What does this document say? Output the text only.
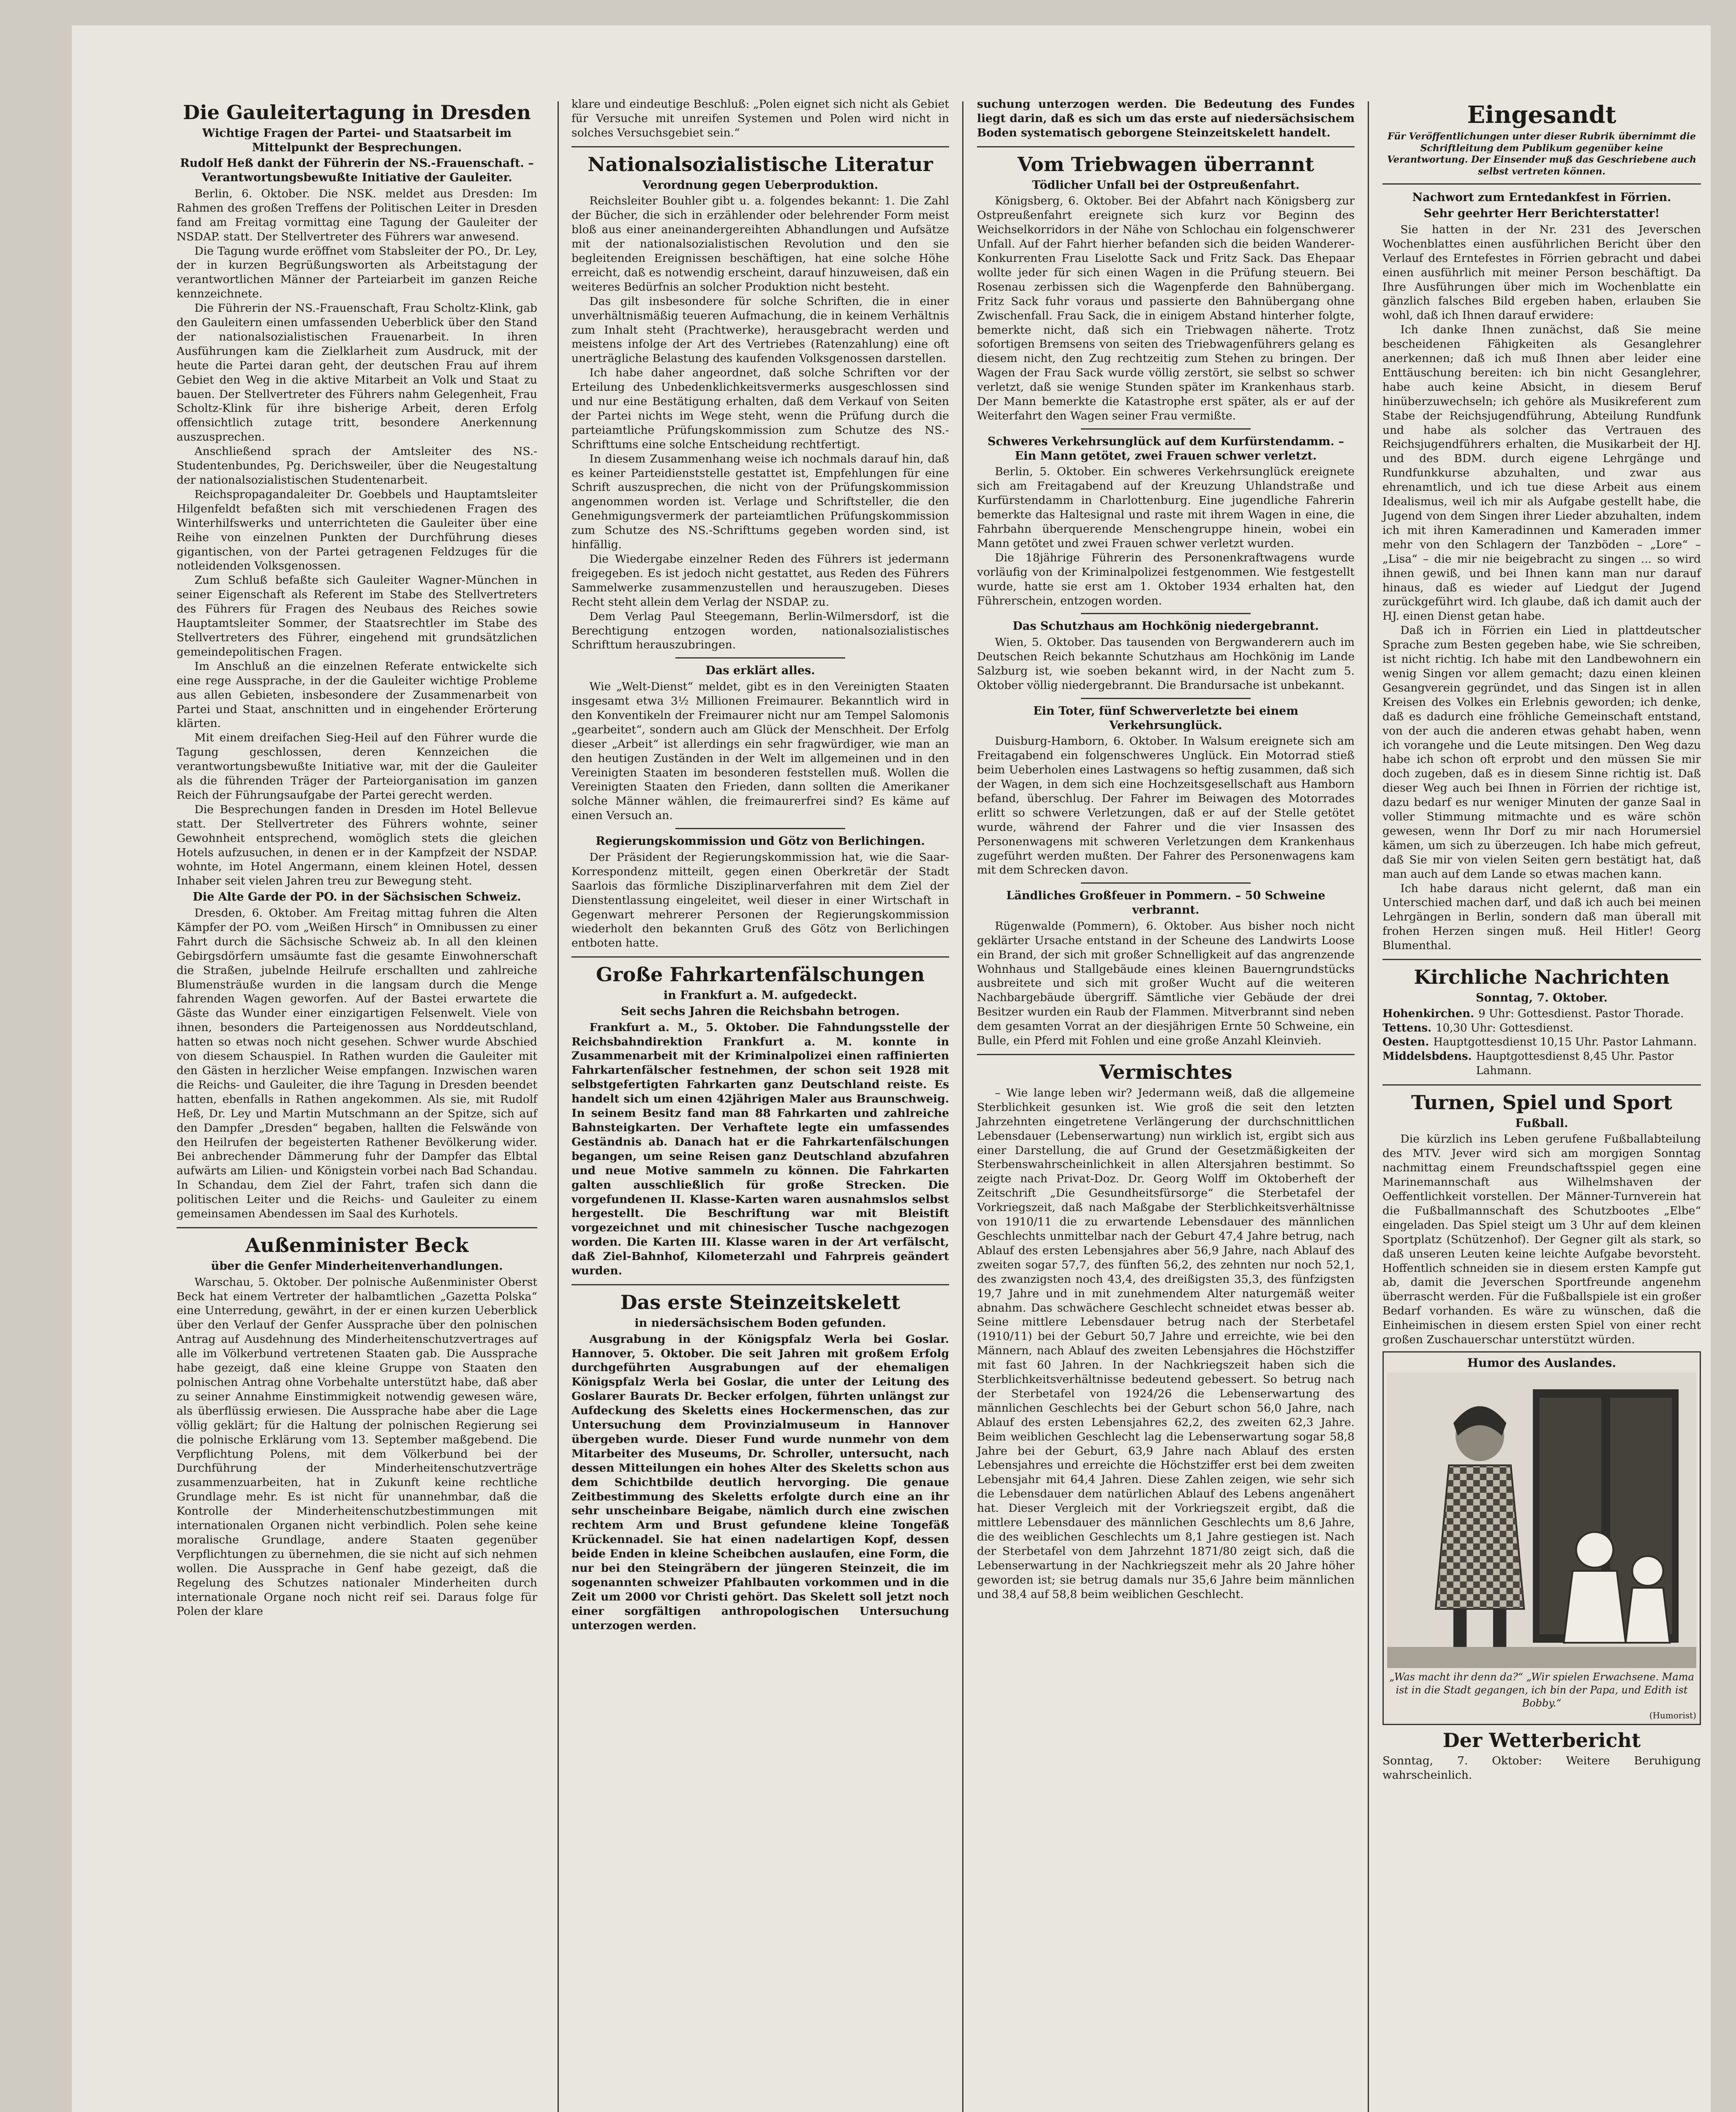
Die Gauleitertagung in Dresden
Wichtige Fragen der Partei- und Staatsarbeit im Mittelpunkt der Besprechungen.
Rudolf Heß dankt der Führerin der NS.-Frauenschaft. – Verantwortungsbewußte Initiative der Gauleiter.

Berlin, 6. Oktober. Die NSK. meldet aus Dresden: Im Rahmen des großen Treffens der Politischen Leiter in Dresden fand am Freitag vormittag eine Tagung der Gauleiter der NSDAP. statt. Der Stellvertreter des Führers war anwesend.

Die Tagung wurde eröffnet vom Stabsleiter der PO., Dr. Ley, der in kurzen Begrüßungsworten als Arbeitstagung der verantwortlichen Männer der Parteiarbeit im ganzen Reiche kennzeichnete.

Die Führerin der NS.-Frauenschaft, Frau Scholtz-Klink, gab den Gauleitern einen umfassenden Ueberblick über den Stand der nationalsozialistischen Frauenarbeit. In ihren Ausführungen kam die Zielklarheit zum Ausdruck, mit der heute die Partei daran geht, der deutschen Frau auf ihrem Gebiet den Weg in die aktive Mitarbeit an Volk und Staat zu bauen. Der Stellvertreter des Führers nahm Gelegenheit, Frau Scholtz-Klink für ihre bisherige Arbeit, deren Erfolg offensichtlich zutage tritt, besondere Anerkennung auszusprechen.

Anschließend sprach der Amtsleiter des NS.-Studentenbundes, Pg. Derichsweiler, über die Neugestaltung der nationalsozialistischen Studentenarbeit.

Reichspropagandaleiter Dr. Goebbels und Hauptamtsleiter Hilgenfeldt befaßten sich mit verschiedenen Fragen des Winterhilfswerks und unterrichteten die Gauleiter über eine Reihe von einzelnen Punkten der Durchführung dieses gigantischen, von der Partei getragenen Feldzuges für die notleidenden Volksgenossen.

Zum Schluß befaßte sich Gauleiter Wagner-München in seiner Eigenschaft als Referent im Stabe des Stellvertreters des Führers für Fragen des Neubaus des Reiches sowie Hauptamtsleiter Sommer, der Staatsrechtler im Stabe des Stellvertreters des Führer, eingehend mit grundsätzlichen gemeindepolitischen Fragen.

Im Anschluß an die einzelnen Referate entwickelte sich eine rege Aussprache, in der die Gauleiter wichtige Probleme aus allen Gebieten, insbesondere der Zusammenarbeit von Partei und Staat, anschnitten und in eingehender Erörterung klärten.

Mit einem dreifachen Sieg-Heil auf den Führer wurde die Tagung geschlossen, deren Kennzeichen die verantwortungsbewußte Initiative war, mit der die Gauleiter als die führenden Träger der Parteiorganisation im ganzen Reich der Führungsaufgabe der Partei gerecht werden.

Die Besprechungen fanden in Dresden im Hotel Bellevue statt. Der Stellvertreter des Führers wohnte, seiner Gewohnheit entsprechend, womöglich stets die gleichen Hotels aufzusuchen, in denen er in der Kampfzeit der NSDAP. wohnte, im Hotel Angermann, einem kleinen Hotel, dessen Inhaber seit vielen Jahren treu zur Bewegung steht.

Die Alte Garde der PO. in der Sächsischen Schweiz.

Dresden, 6. Oktober. Am Freitag mittag fuhren die Alten Kämpfer der PO. vom „Weißen Hirsch“ in Omnibussen zu einer Fahrt durch die Sächsische Schweiz ab. In all den kleinen Gebirgsdörfern umsäumte fast die gesamte Einwohnerschaft die Straßen, jubelnde Heilrufe erschallten und zahlreiche Blumensträuße wurden in die langsam durch die Menge fahrenden Wagen geworfen. Auf der Bastei erwartete die Gäste das Wunder einer einzigartigen Felsenwelt. Viele von ihnen, besonders die Parteigenossen aus Norddeutschland, hatten so etwas noch nicht gesehen. Schwer wurde Abschied von diesem Schauspiel. In Rathen wurden die Gauleiter mit den Gästen in herzlicher Weise empfangen. Inzwischen waren die Reichs- und Gauleiter, die ihre Tagung in Dresden beendet hatten, ebenfalls in Rathen angekommen. Als sie, mit Rudolf Heß, Dr. Ley und Martin Mutschmann an der Spitze, sich auf den Dampfer „Dresden“ begaben, hallten die Felswände von den Heilrufen der begeisterten Rathener Bevölkerung wider. Bei anbrechender Dämmerung fuhr der Dampfer das Elbtal aufwärts am Lilien- und Königstein vorbei nach Bad Schandau. In Schandau, dem Ziel der Fahrt, trafen sich dann die politischen Leiter und die Reichs- und Gauleiter zu einem gemeinsamen Abendessen im Saal des Kurhotels.

Außenminister Beck
über die Genfer Minderheitenverhandlungen.

Warschau, 5. Oktober. Der polnische Außenminister Oberst Beck hat einem Vertreter der halbamtlichen „Gazetta Polska“ eine Unterredung, gewährt, in der er einen kurzen Ueberblick über den Verlauf der Genfer Aussprache über den polnischen Antrag auf Ausdehnung des Minderheitenschutzvertrages auf alle im Völkerbund vertretenen Staaten gab. Die Aussprache habe gezeigt, daß eine kleine Gruppe von Staaten den polnischen Antrag ohne Vorbehalte unterstützt habe, daß aber zu seiner Annahme Einstimmigkeit notwendig gewesen wäre, als überflüssig erwiesen. Die Aussprache habe aber die Lage völlig geklärt; für die Haltung der polnischen Regierung sei die polnische Erklärung vom 13. September maßgebend. Die Verpflichtung Polens, mit dem Völkerbund bei der Durchführung der Minderheitenschutzverträge zusammenzuarbeiten, hat in Zukunft keine rechtliche Grundlage mehr. Es ist nicht für unannehmbar, daß die Kontrolle der Minderheitenschutzbestimmungen mit internationalen Organen nicht verbindlich. Polen sehe keine moralische Grundlage, andere Staaten gegenüber Verpflichtungen zu übernehmen, die sie nicht auf sich nehmen wollen. Die Aussprache in Genf habe gezeigt, daß die Regelung des Schutzes nationaler Minderheiten durch internationale Organe noch nicht reif sei. Daraus folge für Polen der klare

klare und eindeutige Beschluß: „Polen eignet sich nicht als Gebiet für Versuche mit unreifen Systemen und Polen wird nicht in solches Versuchsgebiet sein.“

Nationalsozialistische Literatur
Verordnung gegen Ueberproduktion.

Reichsleiter Bouhler gibt u. a. folgendes bekannt: 1. Die Zahl der Bücher, die sich in erzählender oder belehrender Form meist bloß aus einer aneinandergereihten Abhandlungen und Aufsätze mit der nationalsozialistischen Revolution und den sie begleitenden Ereignissen beschäftigen, hat eine solche Höhe erreicht, daß es notwendig erscheint, darauf hinzuweisen, daß ein weiteres Bedürfnis an solcher Produktion nicht besteht.

Das gilt insbesondere für solche Schriften, die in einer unverhältnismäßig teueren Aufmachung, die in keinem Verhältnis zum Inhalt steht (Prachtwerke), herausgebracht werden und meistens infolge der Art des Vertriebes (Ratenzahlung) eine oft unerträgliche Belastung des kaufenden Volksgenossen darstellen.

Ich habe daher angeordnet, daß solche Schriften vor der Erteilung des Unbedenklichkeitsvermerks ausgeschlossen sind und nur eine Bestätigung erhalten, daß dem Verkauf von Seiten der Partei nichts im Wege steht, wenn die Prüfung durch die parteiamtliche Prüfungskommission zum Schutze des NS.-Schrifttums eine solche Entscheidung rechtfertigt.

In diesem Zusammenhang weise ich nochmals darauf hin, daß es keiner Parteidienststelle gestattet ist, Empfehlungen für eine Schrift auszusprechen, die nicht von der Prüfungskommission angenommen worden ist. Verlage und Schriftsteller, die den Genehmigungsvermerk der parteiamtlichen Prüfungskommission zum Schutze des NS.-Schrifttums gegeben worden sind, ist hinfällig.

Die Wiedergabe einzelner Reden des Führers ist jedermann freigegeben. Es ist jedoch nicht gestattet, aus Reden des Führers Sammelwerke zusammenzustellen und herauszugeben. Dieses Recht steht allein dem Verlag der NSDAP. zu.

Dem Verlag Paul Steegemann, Berlin-Wilmersdorf, ist die Berechtigung entzogen worden, nationalsozialistisches Schrifttum herauszubringen.

Das erklärt alles.

Wie „Welt-Dienst“ meldet, gibt es in den Vereinigten Staaten insgesamt etwa 3½ Millionen Freimaurer. Bekanntlich wird in den Konventikeln der Freimaurer nicht nur am Tempel Salomonis „gearbeitet“, sondern auch am Glück der Menschheit. Der Erfolg dieser „Arbeit“ ist allerdings ein sehr fragwürdiger, wie man an den heutigen Zuständen in der Welt im allgemeinen und in den Vereinigten Staaten im besonderen feststellen muß. Wollen die Vereinigten Staaten den Frieden, dann sollten die Amerikaner solche Männer wählen, die freimaurerfrei sind? Es käme auf einen Versuch an.

Regierungskommission und Götz von Berlichingen.

Der Präsident der Regierungskommission hat, wie die Saar-Korrespondenz mitteilt, gegen einen Oberkretär der Stadt Saarlois das förmliche Disziplinarverfahren mit dem Ziel der Dienstentlassung eingeleitet, weil dieser in einer Wirtschaft in Gegenwart mehrerer Personen der Regierungskommission wiederholt den bekannten Gruß des Götz von Berlichingen entboten hatte.

Große Fahrkartenfälschungen
in Frankfurt a. M. aufgedeckt.
Seit sechs Jahren die Reichsbahn betrogen.

Frankfurt a. M., 5. Oktober. Die Fahndungsstelle der Reichsbahndirektion Frankfurt a. M. konnte in Zusammenarbeit mit der Kriminalpolizei einen raffinierten Fahrkartenfälscher festnehmen, der schon seit 1928 mit selbstgefertigten Fahrkarten ganz Deutschland reiste. Es handelt sich um einen 42jährigen Maler aus Braunschweig. In seinem Besitz fand man 88 Fahrkarten und zahlreiche Bahnsteigkarten. Der Verhaftete legte ein umfassendes Geständnis ab. Danach hat er die Fahrkartenfälschungen begangen, um seine Reisen ganz Deutschland abzufahren und neue Motive sammeln zu können. Die Fahrkarten galten ausschließlich für große Strecken. Die vorgefundenen II. Klasse-Karten waren ausnahmslos selbst hergestellt. Die Beschriftung war mit Bleistift vorgezeichnet und mit chinesischer Tusche nachgezogen worden. Die Karten III. Klasse waren in der Art verfälscht, daß Ziel-Bahnhof, Kilometerzahl und Fahrpreis geändert wurden.

Das erste Steinzeitskelett
in niedersächsischem Boden gefunden.

Ausgrabung in der Königspfalz Werla bei Goslar. Hannover, 5. Oktober. Die seit Jahren mit großem Erfolg durchgeführten Ausgrabungen auf der ehemaligen Königspfalz Werla bei Goslar, die unter der Leitung des Goslarer Baurats Dr. Becker erfolgen, führten unlängst zur Aufdeckung des Skeletts eines Hockermenschen, das zur Untersuchung dem Provinzialmuseum in Hannover übergeben wurde. Dieser Fund wurde nunmehr von dem Mitarbeiter des Museums, Dr. Schroller, untersucht, nach dessen Mitteilungen ein hohes Alter des Skeletts schon aus dem Schichtbilde deutlich hervorging. Die genaue Zeitbestimmung des Skeletts erfolgte durch eine an ihr sehr unscheinbare Beigabe, nämlich durch eine zwischen rechtem Arm und Brust gefundene kleine Tongefäß Krückennadel. Sie hat einen nadelartigen Kopf, dessen beide Enden in kleine Scheibchen auslaufen, eine Form, die nur bei den Steingräbern der jüngeren Steinzeit, die im sogenannten schweizer Pfahlbauten vorkommen und in die Zeit um 2000 vor Christi gehört. Das Skelett soll jetzt noch einer sorgfältigen anthropologischen Untersuchung unterzogen werden.

suchung unterzogen werden. Die Bedeutung des Fundes liegt darin, daß es sich um das erste auf niedersächsischem Boden systematisch geborgene Steinzeitskelett handelt.

Vom Triebwagen überrannt
Tödlicher Unfall bei der Ostpreußenfahrt.

Königsberg, 6. Oktober. Bei der Abfahrt nach Königsberg zur Ostpreußenfahrt ereignete sich kurz vor Beginn des Weichselkorridors in der Nähe von Schlochau ein folgenschwerer Unfall. Auf der Fahrt hierher befanden sich die beiden Wanderer-Konkurrenten Frau Liselotte Sack und Fritz Sack. Das Ehepaar wollte jeder für sich einen Wagen in die Prüfung steuern. Bei Rosenau zerbissen sich die Wagenpferde den Bahnübergang. Fritz Sack fuhr voraus und passierte den Bahnübergang ohne Zwischenfall. Frau Sack, die in einigem Abstand hinterher folgte, bemerkte nicht, daß sich ein Triebwagen näherte. Trotz sofortigen Bremsens von seiten des Triebwagenführers gelang es diesem nicht, den Zug rechtzeitig zum Stehen zu bringen. Der Wagen der Frau Sack wurde völlig zerstört, sie selbst so schwer verletzt, daß sie wenige Stunden später im Krankenhaus starb. Der Mann bemerkte die Katastrophe erst später, als er auf der Weiterfahrt den Wagen seiner Frau vermißte.

Schweres Verkehrsunglück auf dem Kurfürstendamm. – Ein Mann getötet, zwei Frauen schwer verletzt.

Berlin, 5. Oktober. Ein schweres Verkehrsunglück ereignete sich am Freitagabend auf der Kreuzung Uhlandstraße und Kurfürstendamm in Charlottenburg. Eine jugendliche Fahrerin bemerkte das Haltesignal und raste mit ihrem Wagen in eine, die Fahrbahn überquerende Menschengruppe hinein, wobei ein Mann getötet und zwei Frauen schwer verletzt wurden.

Die 18jährige Führerin des Personenkraftwagens wurde vorläufig von der Kriminalpolizei festgenommen. Wie festgestellt wurde, hatte sie erst am 1. Oktober 1934 erhalten hat, den Führerschein, entzogen worden.

Das Schutzhaus am Hochkönig niedergebrannt.

Wien, 5. Oktober. Das tausenden von Bergwanderern auch im Deutschen Reich bekannte Schutzhaus am Hochkönig im Lande Salzburg ist, wie soeben bekannt wird, in der Nacht zum 5. Oktober völlig niedergebrannt. Die Brandursache ist unbekannt.

Ein Toter, fünf Schwerverletzte bei einem Verkehrsunglück.

Duisburg-Hamborn, 6. Oktober. In Walsum ereignete sich am Freitagabend ein folgenschweres Unglück. Ein Motorrad stieß beim Ueberholen eines Lastwagens so heftig zusammen, daß sich der Wagen, in dem sich eine Hochzeitsgesellschaft aus Hamborn befand, überschlug. Der Fahrer im Beiwagen des Motorrades erlitt so schwere Verletzungen, daß er auf der Stelle getötet wurde, während der Fahrer und die vier Insassen des Personenwagens mit schweren Verletzungen dem Krankenhaus zugeführt werden mußten. Der Fahrer des Personenwagens kam mit dem Schrecken davon.

Ländliches Großfeuer in Pommern. – 50 Schweine verbrannt.

Rügenwalde (Pommern), 6. Oktober. Aus bisher noch nicht geklärter Ursache entstand in der Scheune des Landwirts Loose ein Brand, der sich mit großer Schnelligkeit auf das angrenzende Wohnhaus und Stallgebäude eines kleinen Bauerngrundstücks ausbreitete und sich mit großer Wucht auf die weiteren Nachbargebäude übergriff. Sämtliche vier Gebäude der drei Besitzer wurden ein Raub der Flammen. Mitverbrannt sind neben dem gesamten Vorrat an der diesjährigen Ernte 50 Schweine, ein Bulle, ein Pferd mit Fohlen und eine große Anzahl Kleinvieh.

Vermischtes

– Wie lange leben wir? Jedermann weiß, daß die allgemeine Sterblichkeit gesunken ist. Wie groß die seit den letzten Jahrzehnten eingetretene Verlängerung der durchschnittlichen Lebensdauer (Lebenserwartung) nun wirklich ist, ergibt sich aus einer Darstellung, die auf Grund der Gesetzmäßigkeiten der Sterbenswahrscheinlichkeit in allen Altersjahren bestimmt. So zeigte nach Privat-Doz. Dr. Georg Wolff im Oktoberheft der Zeitschrift „Die Gesundheitsfürsorge“ die Sterbetafel der Vorkriegszeit, daß nach Maßgabe der Sterblichkeitsverhältnisse von 1910/11 die zu erwartende Lebensdauer des männlichen Geschlechts unmittelbar nach der Geburt 47,4 Jahre betrug, nach Ablauf des ersten Lebensjahres aber 56,9 Jahre, nach Ablauf des zweiten sogar 57,7, des fünften 56,2, des zehnten nur noch 52,1, des zwanzigsten noch 43,4, des dreißigsten 35,3, des fünfzigsten 19,7 Jahre und in mit zunehmendem Alter naturgemäß weiter abnahm. Das schwächere Geschlecht schneidet etwas besser ab. Seine mittlere Lebensdauer betrug nach der Sterbetafel (1910/11) bei der Geburt 50,7 Jahre und erreichte, wie bei den Männern, nach Ablauf des zweiten Lebensjahres die Höchstziffer mit fast 60 Jahren. In der Nachkriegszeit haben sich die Sterblichkeitsverhältnisse bedeutend gebessert. So betrug nach der Sterbetafel von 1924/26 die Lebenserwartung des männlichen Geschlechts bei der Geburt schon 56,0 Jahre, nach Ablauf des ersten Lebensjahres 62,2, des zweiten 62,3 Jahre. Beim weiblichen Geschlecht lag die Lebenserwartung sogar 58,8 Jahre bei der Geburt, 63,9 Jahre nach Ablauf des ersten Lebensjahres und erreichte die Höchstziffer erst bei dem zweiten Lebensjahr mit 64,4 Jahren. Diese Zahlen zeigen, wie sehr sich die Lebensdauer dem natürlichen Ablauf des Lebens angenähert hat. Dieser Vergleich mit der Vorkriegszeit ergibt, daß die mittlere Lebensdauer des männlichen Geschlechts um 8,6 Jahre, die des weiblichen Geschlechts um 8,1 Jahre gestiegen ist. Nach der Sterbetafel von dem Jahrzehnt 1871/80 zeigt sich, daß die Lebenserwartung in der Nachkriegszeit mehr als 20 Jahre höher geworden ist; sie betrug damals nur 35,6 Jahre beim männlichen und 38,4 auf 58,8 beim weiblichen Geschlecht.

Eingesandt
Für Veröffentlichungen unter dieser Rubrik übernimmt die Schriftleitung dem Publikum gegenüber keine Verantwortung. Der Einsender muß das Geschriebene auch selbst vertreten können.
Nachwort zum Erntedankfest in Förrien.
Sehr geehrter Herr Berichterstatter!

Sie hatten in der Nr. 231 des Jeverschen Wochenblattes einen ausführlichen Bericht über den Verlauf des Erntefestes in Förrien gebracht und dabei einen ausführlich mit meiner Person beschäftigt. Da Ihre Ausführungen über mich im Wochenblatte ein gänzlich falsches Bild ergeben haben, erlauben Sie wohl, daß ich Ihnen darauf erwidere:

Ich danke Ihnen zunächst, daß Sie meine bescheidenen Fähigkeiten als Gesanglehrer anerkennen; daß ich muß Ihnen aber leider eine Enttäuschung bereiten: ich bin nicht Gesanglehrer, habe auch keine Absicht, in diesem Beruf hinüberzuwechseln; ich gehöre als Musikreferent zum Stabe der Reichsjugendführung, Abteilung Rundfunk und habe als solcher das Vertrauen des Reichsjugendführers erhalten, die Musikarbeit der HJ. und des BDM. durch eigene Lehrgänge und Rundfunkkurse abzuhalten, und zwar aus ehrenamtlich, und ich tue diese Arbeit aus einem Idealismus, weil ich mir als Aufgabe gestellt habe, die Jugend von dem Singen ihrer Lieder abzuhalten, indem ich mit ihren Kameradinnen und Kameraden immer mehr von den Schlagern der Tanzböden – „Lore“ – „Lisa“ – die mir nie beigebracht zu singen ... so wird ihnen gewiß, und bei Ihnen kann man nur darauf hinaus, daß es wieder auf Liedgut der Jugend zurückgeführt wird. Ich glaube, daß ich damit auch der HJ. einen Dienst getan habe.

Daß ich in Förrien ein Lied in plattdeutscher Sprache zum Besten gegeben habe, wie Sie schreiben, ist nicht richtig. Ich habe mit den Landbewohnern ein wenig Singen vor allem gemacht; dazu einen kleinen Gesangverein gegründet, und das Singen ist in allen Kreisen des Volkes ein Erlebnis geworden; ich denke, daß es dadurch eine fröhliche Gemeinschaft entstand, von der auch die anderen etwas gehabt haben, wenn ich vorangehe und die Leute mitsingen. Den Weg dazu habe ich schon oft erprobt und den müssen Sie mir doch zugeben, daß es in diesem Sinne richtig ist. Daß dieser Weg auch bei Ihnen in Förrien der richtige ist, dazu bedarf es nur weniger Minuten der ganze Saal in voller Stimmung mitmachte und es wäre schön gewesen, wenn Ihr Dorf zu mir nach Horumersiel kämen, um sich zu überzeugen. Ich habe mich gefreut, daß Sie mir von vielen Seiten gern bestätigt hat, daß man auch auf dem Lande so etwas machen kann.

Ich habe daraus nicht gelernt, daß man ein Unterschied machen darf, und daß ich auch bei meinen Lehrgängen in Berlin, sondern daß man überall mit frohen Herzen singen muß. Heil Hitler! Georg Blumenthal.

Kirchliche Nachrichten
Sonntag, 7. Oktober.
Hohenkirchen. 9 Uhr: Gottesdienst. Pastor Thorade.
Tettens. 10,30 Uhr: Gottesdienst.
Oesten. Hauptgottesdienst 10,15 Uhr. Pastor Lahmann.
Middelsbdens. Hauptgottesdienst 8,45 Uhr. Pastor Lahmann.
Turnen, Spiel und Sport
Fußball.

Die kürzlich ins Leben gerufene Fußballabteilung des MTV. Jever wird sich am morgigen Sonntag nachmittag einem Freundschaftsspiel gegen eine Marinemannschaft aus Wilhelmshaven der Oeffentlichkeit vorstellen. Der Männer-Turnverein hat die Fußballmannschaft des Schutzbootes „Elbe“ eingeladen. Das Spiel steigt um 3 Uhr auf dem kleinen Sportplatz (Schützenhof). Der Gegner gilt als stark, so daß unseren Leuten keine leichte Aufgabe bevorsteht. Hoffentlich schneiden sie in diesem ersten Kampfe gut ab, damit die Jeverschen Sportfreunde angenehm überrascht werden. Für die Fußballspiele ist ein großer Bedarf vorhanden. Es wäre zu wünschen, daß die Einheimischen in diesem ersten Spiel von einer recht großen Zuschauerschar unterstützt würden.

Humor des Auslandes.
„Was macht ihr denn da?“ „Wir spielen Erwachsene. Mama ist in die Stadt gegangen, ich bin der Papa, und Edith ist Bobby.“
(Humorist)
Der Wetterbericht

Sonntag, 7. Oktober: Weitere Beruhigung wahrscheinlich.
